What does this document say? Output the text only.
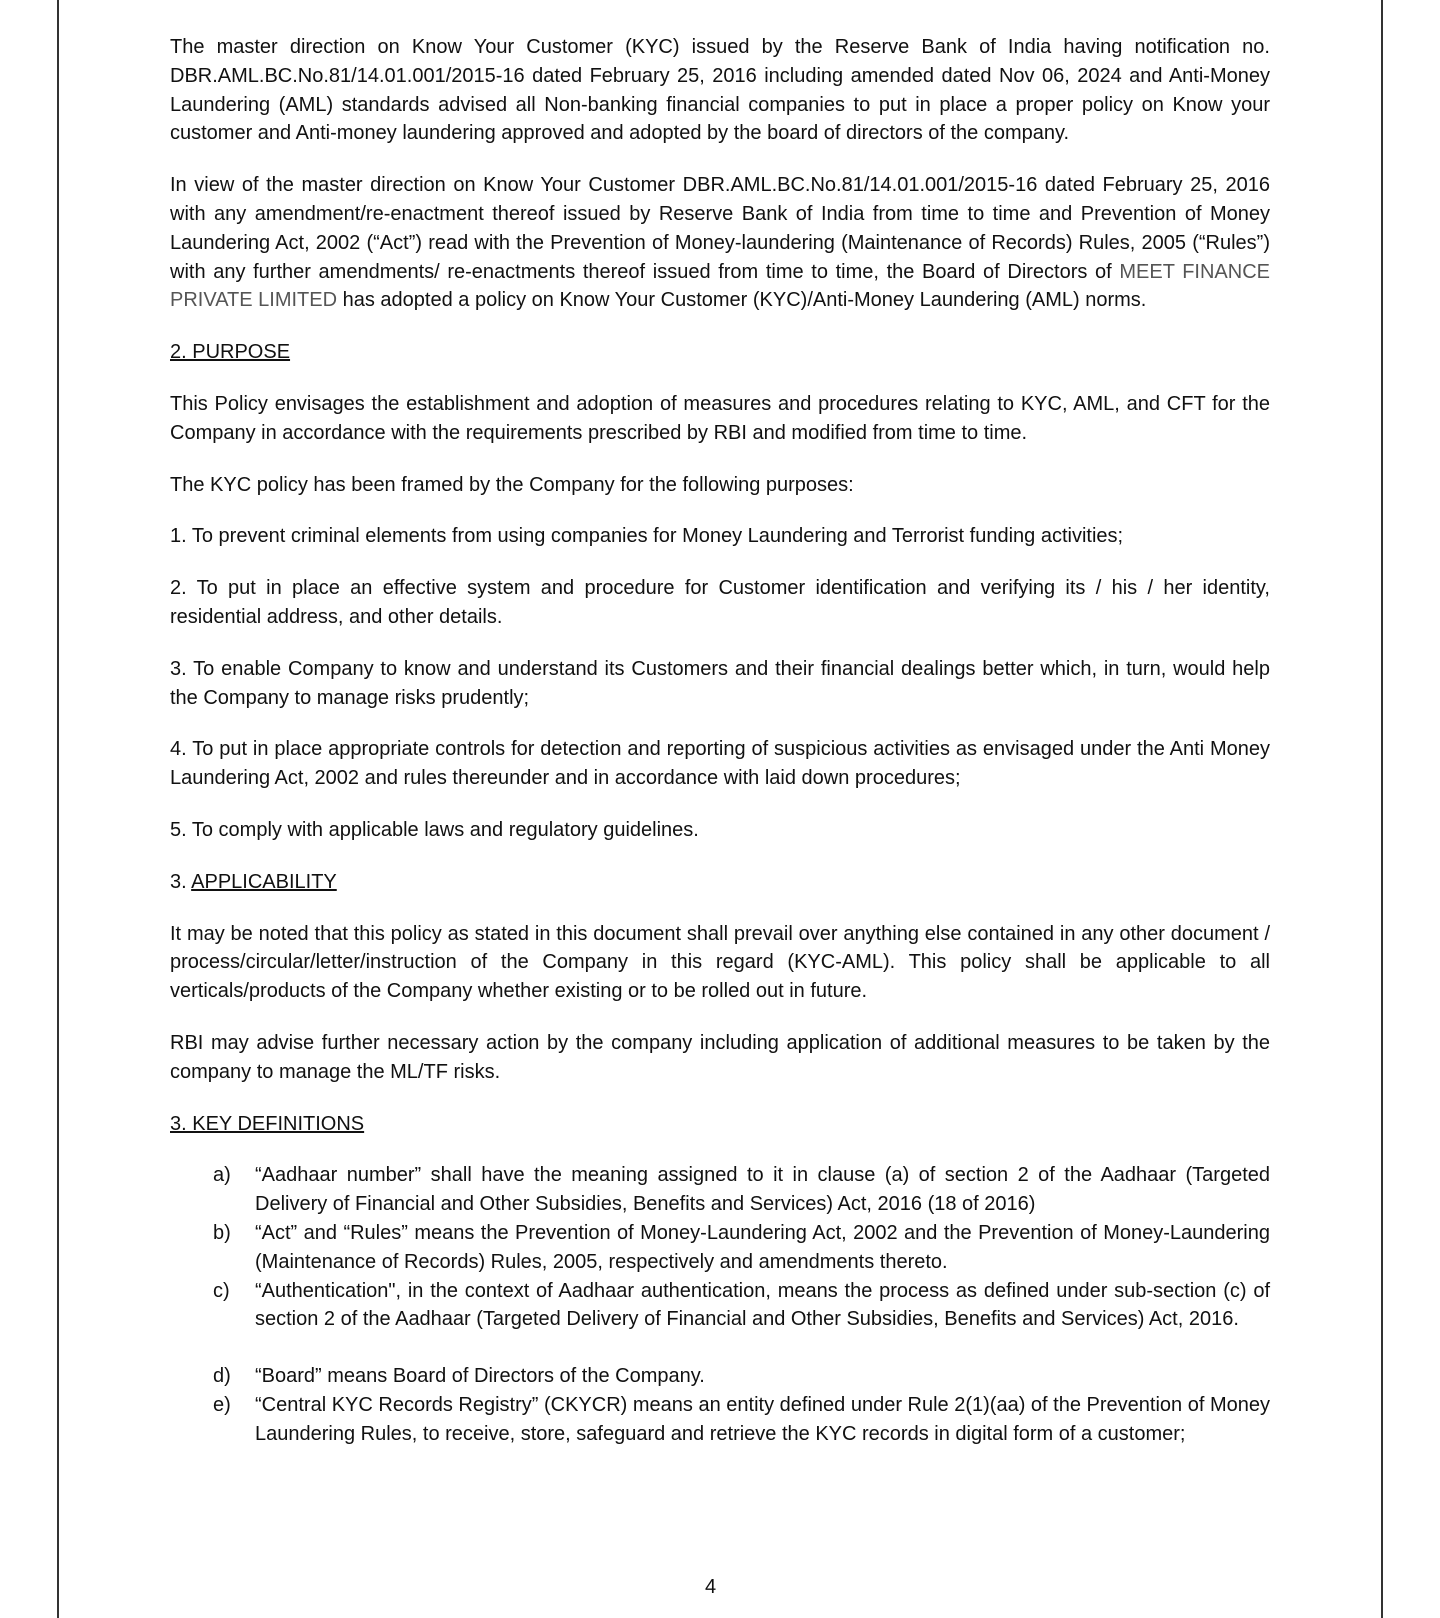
The master direction on Know Your Customer (KYC) issued by the Reserve Bank of India having notification no. DBR.AML.BC.No.81/14.01.001/2015-16 dated February 25, 2016 including amended dated Nov 06, 2024 and Anti-Money Laundering (AML) standards advised all Non-banking financial companies to put in place a proper policy on Know your customer and Anti-money laundering approved and adopted by the board of directors of the company.

In view of the master direction on Know Your Customer DBR.AML.BC.No.81/14.01.001/2015-16 dated February 25, 2016 with any amendment/re-enactment thereof issued by Reserve Bank of India from time to time and Prevention of Money Laundering Act, 2002 (“Act”) read with the Prevention of Money-laundering (Maintenance of Records) Rules, 2005 (“Rules”) with any further amendments/ re-enactments thereof issued from time to time, the Board of Directors of MEET FINANCE PRIVATE LIMITED has adopted a policy on Know Your Customer (KYC)/Anti-Money Laundering (AML) norms.

2. PURPOSE

This Policy envisages the establishment and adoption of measures and procedures relating to KYC, AML, and CFT for the Company in accordance with the requirements prescribed by RBI and modified from time to time.

The KYC policy has been framed by the Company for the following purposes:

1. To prevent criminal elements from using companies for Money Laundering and Terrorist funding activities;

2. To put in place an effective system and procedure for Customer identification and verifying its / his / her identity, residential address, and other details.

3. To enable Company to know and understand its Customers and their financial dealings better which, in turn, would help the Company to manage risks prudently;

4. To put in place appropriate controls for detection and reporting of suspicious activities as envisaged under the Anti Money Laundering Act, 2002 and rules thereunder and in accordance with laid down procedures;

5. To comply with applicable laws and regulatory guidelines.

3. APPLICABILITY

It may be noted that this policy as stated in this document shall prevail over anything else contained in any other document / process/circular/letter/instruction of the Company in this regard (KYC-AML). This policy shall be applicable to all verticals/products of the Company whether existing or to be rolled out in future.

RBI may advise further necessary action by the company including application of additional measures to be taken by the company to manage the ML/TF risks.

3. KEY DEFINITIONS
a) “Aadhaar number” shall have the meaning assigned to it in clause (a) of section 2 of the Aadhaar (Targeted Delivery of Financial and Other Subsidies, Benefits and Services) Act, 2016 (18 of 2016)
b) “Act” and “Rules” means the Prevention of Money-Laundering Act, 2002 and the Prevention of Money-Laundering (Maintenance of Records) Rules, 2005, respectively and amendments thereto.
c) “Authentication", in the context of Aadhaar authentication, means the process as defined under sub-section (c) of section 2 of the Aadhaar (Targeted Delivery of Financial and Other Subsidies, Benefits and Services) Act, 2016.
d) “Board” means Board of Directors of the Company.
e) “Central KYC Records Registry” (CKYCR) means an entity defined under Rule 2(1)(aa) of the Prevention of Money Laundering Rules, to receive, store, safeguard and retrieve the KYC records in digital form of a customer;
4
